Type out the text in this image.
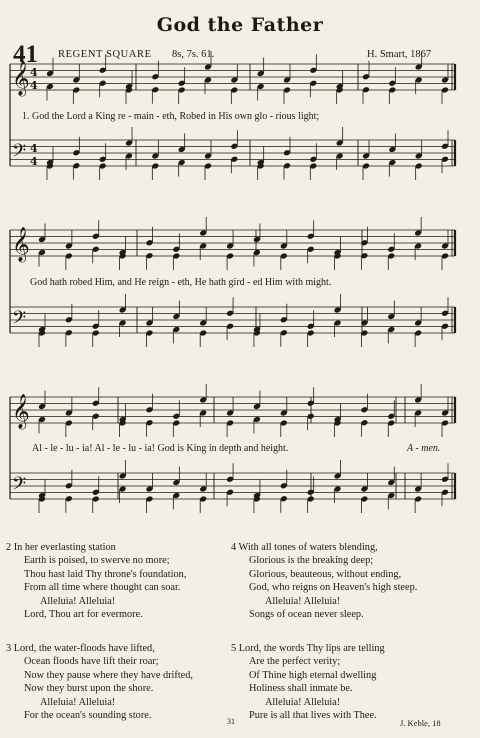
God the Father
41 REGENT SQUARE 8s, 7s. 61.	H. Smart, 1867
𝄞 4
4
𝄢 4
4
𝄞
𝄢
𝄞
𝄢
1. God the Lord a King re - main - eth, Robed in His own glo - rious light;
God hath robed Him, and He reign - eth, He hath gird - ed Him with might.
Al - le - lu - ia! Al - le - lu - ia! God is King in depth and height.	A - men.
2 In her everlasting station
Earth is poised, to swerve no more;
Thou hast laid Thy throne's foundation,
From all time where thought can soar.
Alleluia! Alleluia!
Lord, Thou art for evermore.
3 Lord, the water-floods have lifted,
Ocean floods have lift their roar;
Now they pause where they have drifted,
Now they burst upon the shore.
Alleluia! Alleluia!
For the ocean's sounding store.
4 With all tones of waters blending,
Glorious is the breaking deep;
Glorious, beauteous, without ending,
God, who reigns on Heaven's high steep.
Alleluia! Alleluia!
Songs of ocean never sleep.
5 Lord, the words Thy lips are telling
Are the perfect verity;
Of Thine high eternal dwelling
Holiness shall inmate be.
Alleluia! Alleluia!
Pure is all that lives with Thee.
31	J. Keble, 18
